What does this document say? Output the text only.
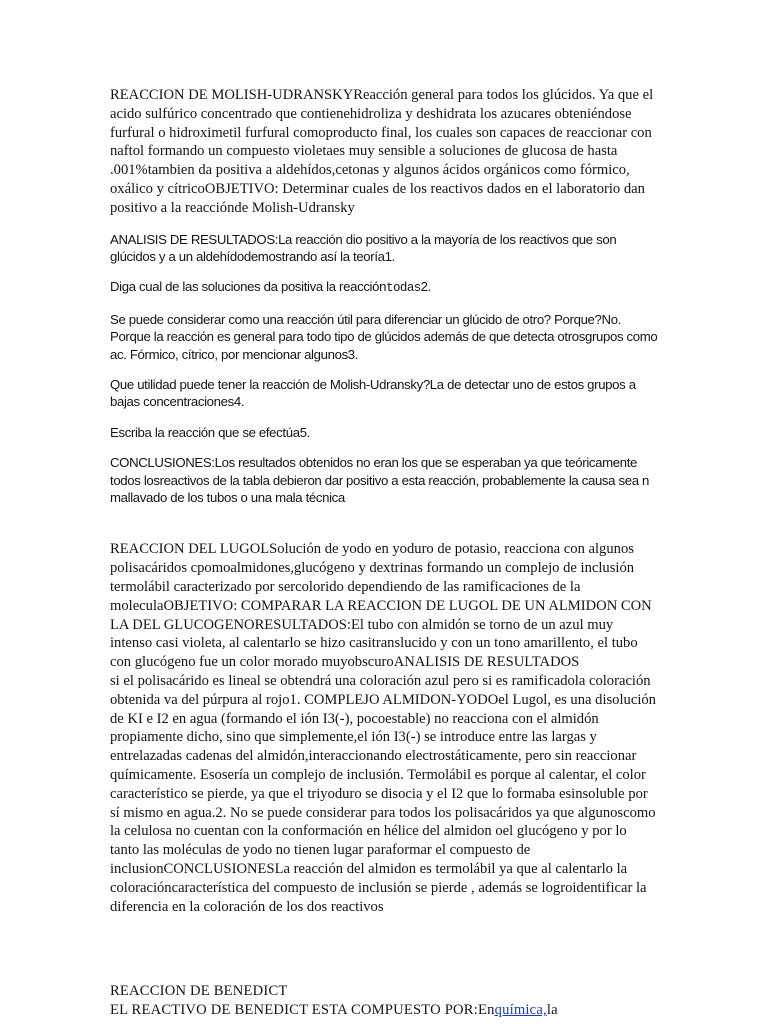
REACCION DE MOLISH-UDRANSKYReacción general para todos los glúcidos. Ya que el acido sulfúrico concentrado que contienehidroliza y deshidrata los azucares obteniéndose furfural o hidroximetil furfural comoproducto final, los cuales son capaces de reaccionar con naftol formando un compuesto violetaes muy sensible a soluciones de glucosa de hasta .001%tambien da positiva a aldehídos,cetonas y algunos ácidos orgánicos como fórmico, oxálico y cítricoOBJETIVO: Determinar cuales de los reactivos dados en el laboratorio dan positivo a la reacciónde Molish-Udransky

ANALISIS DE RESULTADOS:La reacción dio positivo a la mayoría de los reactivos que son glúcidos y a un aldehídodemostrando así la teoría1.

Diga cual de las soluciones da positiva la reaccióntodas2.

Se puede considerar como una reacción útil para diferenciar un glúcido de otro? Porque?No. Porque la reacción es general para todo tipo de glúcidos además de que detecta otrosgrupos como ac. Fórmico, cítrico, por mencionar algunos3.

Que utilidad puede tener la reacción de Molish-Udransky?La de detectar uno de estos grupos a bajas concentraciones4.

Escriba la reacción que se efectúa5.

CONCLUSIONES:Los resultados obtenidos no eran los que se esperaban ya que teóricamente todos losreactivos de la tabla debieron dar positivo a esta reacción, probablemente la causa sea n mallavado de los tubos o una mala técnica

REACCION DEL LUGOLSolución de yodo en yoduro de potasio, reacciona con algunos polisacáridos cpomoalmidones,glucógeno y dextrinas formando un complejo de inclusión termolábil caracterizado por sercolorido dependiendo de las ramificaciones de la moleculaOBJETIVO: COMPARAR LA REACCION DE LUGOL DE UN ALMIDON CON LA DEL GLUCOGENORESULTADOS:El tubo con almidón se torno de un azul muy intenso casi violeta, al calentarlo se hizo casitranslucido y con un tono amarillento, el tubo con glucógeno fue un color morado muyobscuroANALISIS DE RESULTADOS

si el polisacárido es lineal se obtendrá una coloración azul pero si es ramificadola coloración obtenida va del púrpura al rojo1. COMPLEJO ALMIDON-YODOel Lugol, es una disolución de KI e I2 en agua (formando el ión I3(-), pocoestable) no reacciona con el almidón propiamente dicho, sino que simplemente,el ión I3(-) se introduce entre las largas y entrelazadas cadenas del almidón,interaccionando electrostáticamente, pero sin reaccionar químicamente. Esosería un complejo de inclusión. Termolábil es porque al calentar, el color característico se pierde, ya que el triyoduro se disocia y el I2 que lo formaba esinsoluble por sí mismo en agua.2. No se puede considerar para todos los polisacáridos ya que algunoscomo la celulosa no cuentan con la conformación en hélice del almidon oel glucógeno y por lo tanto las moléculas de yodo no tienen lugar paraformar el compuesto de inclusionCONCLUSIONESLa reacción del almidon es termolábil ya que al calentarlo la coloracióncaracterística del compuesto de inclusión se pierde , además se logroidentificar la diferencia en la coloración de los dos reactivos

REACCION DE BENEDICT
EL REACTIVO DE BENEDICT ESTA COMPUESTO POR:Enquímica,la
